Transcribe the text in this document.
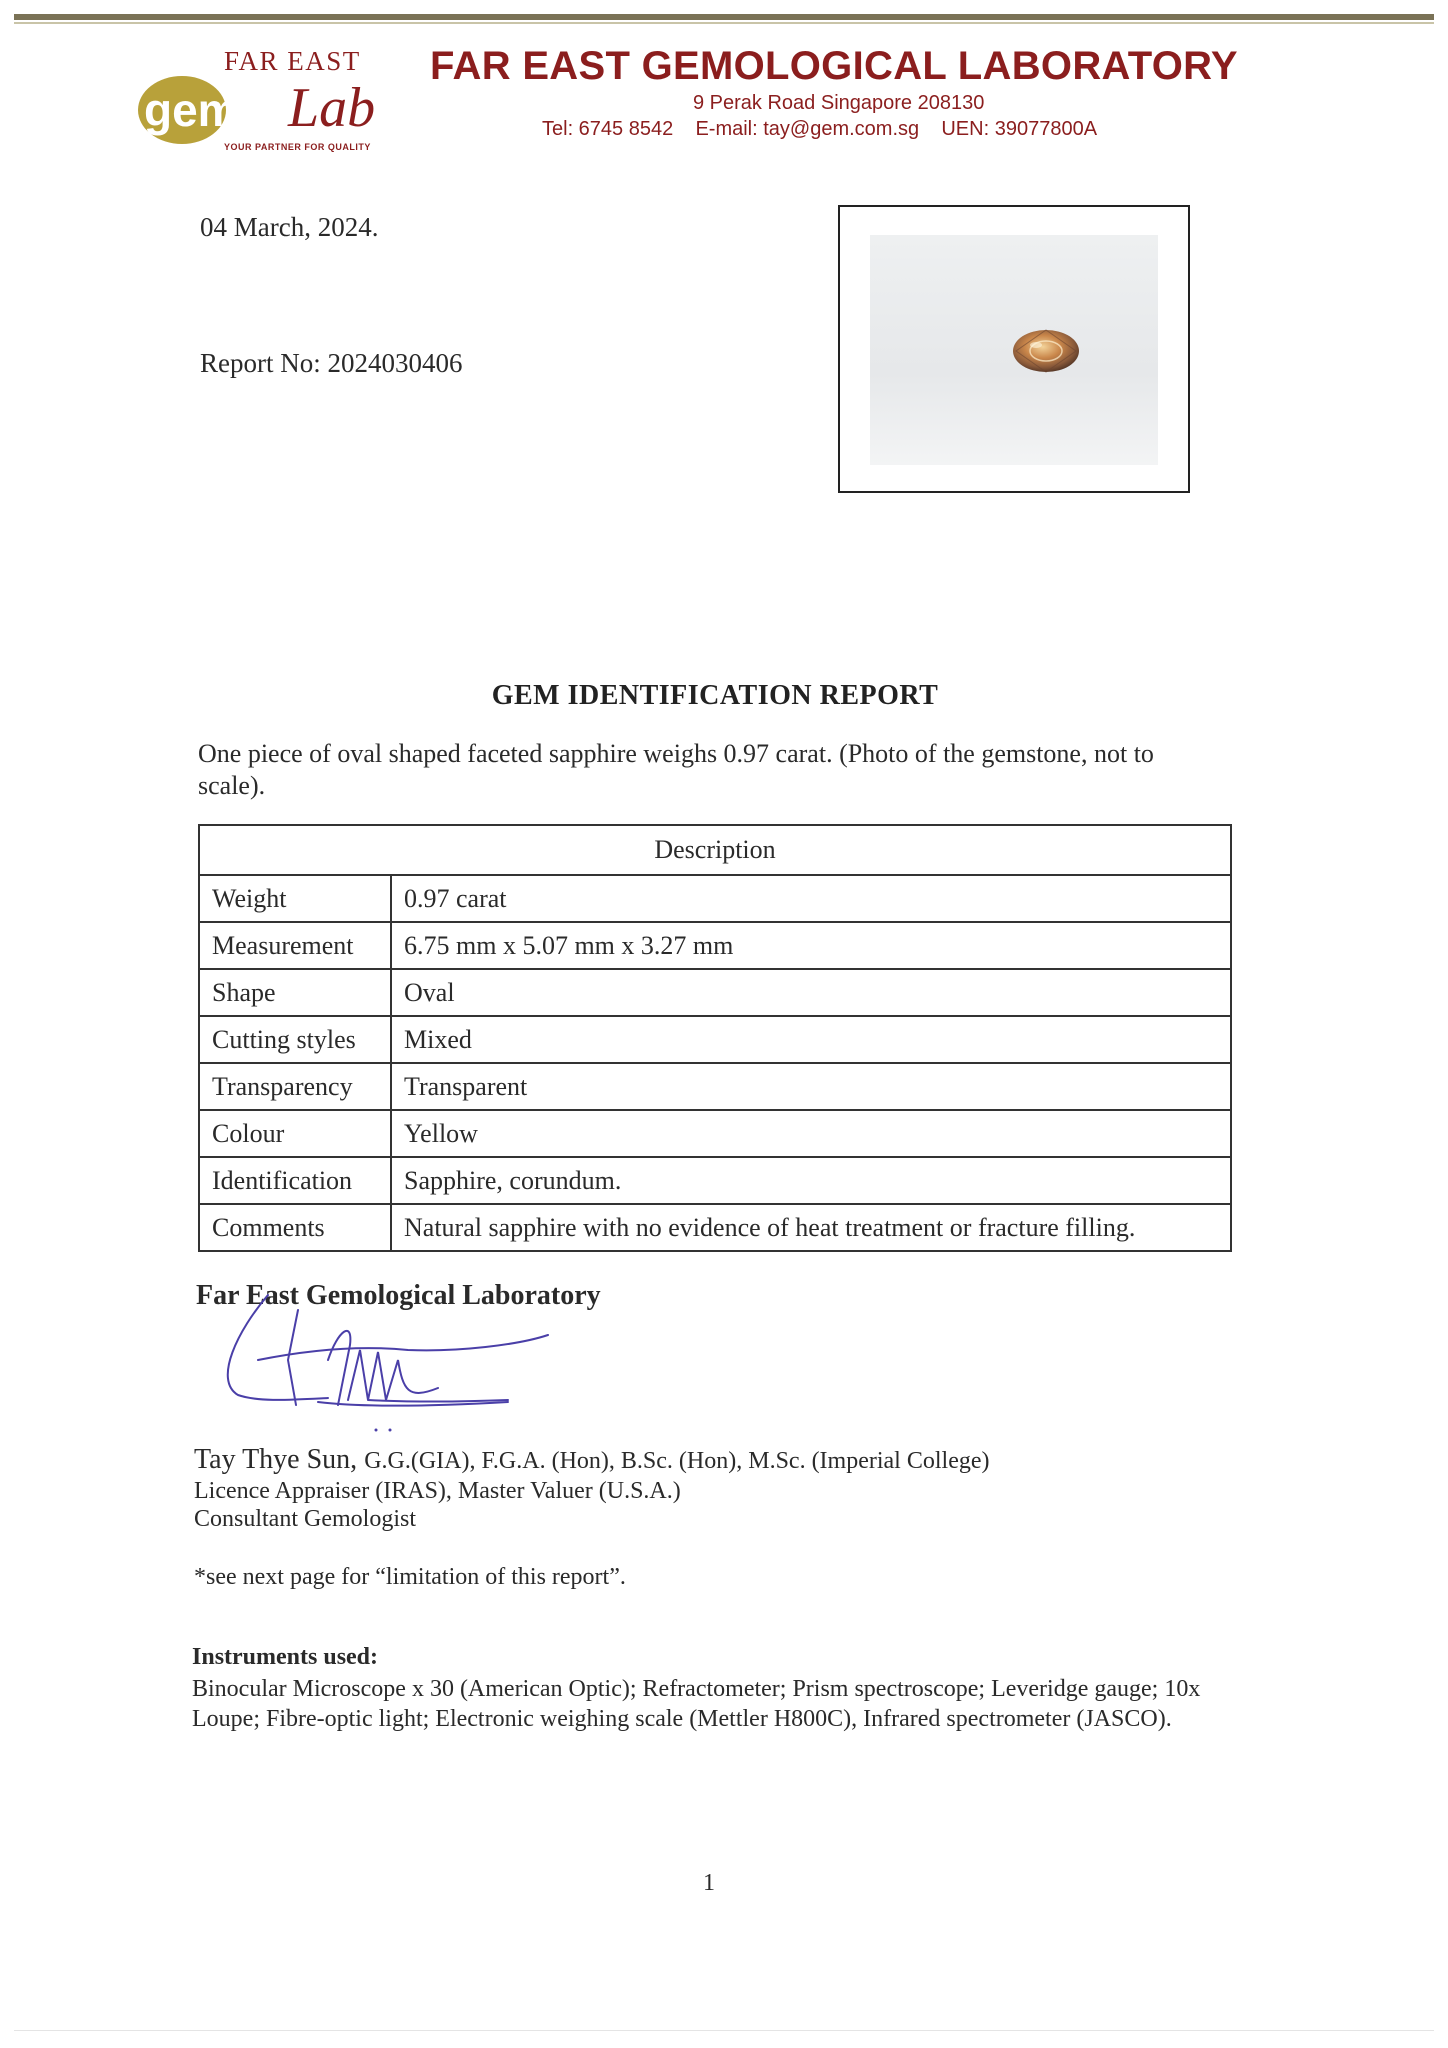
FAR EAST
gem Lab
YOUR PARTNER FOR QUALITY
FAR EAST GEMOLOGICAL LABORATORY
9 Perak Road Singapore 208130
Tel: 6745 8542    E-mail: tay@gem.com.sg    UEN: 39077800A
04 March, 2024.
Report No: 2024030406
GEM IDENTIFICATION REPORT
One piece of oval shaped faceted sapphire weighs 0.97 carat. (Photo of the gemstone, not to scale).
Description	
Weight	0.97 carat
Measurement	6.75 mm x 5.07 mm x 3.27 mm
Shape	Oval
Cutting styles	Mixed
Transparency	Transparent
Colour	Yellow
Identification	Sapphire, corundum.
Comments	Natural sapphire with no evidence of heat treatment or fracture filling.
Far East Gemological Laboratory
Tay Thye Sun, G.G.(GIA), F.G.A. (Hon), B.Sc. (Hon), M.Sc. (Imperial College)
Licence Appraiser (IRAS), Master Valuer (U.S.A.)
Consultant Gemologist
*see next page for “limitation of this report”.
Instruments used:
Binocular Microscope x 30 (American Optic); Refractometer; Prism spectroscope; Leveridge gauge; 10x Loupe; Fibre-optic light; Electronic weighing scale (Mettler H800C), Infrared spectrometer (JASCO).
1
